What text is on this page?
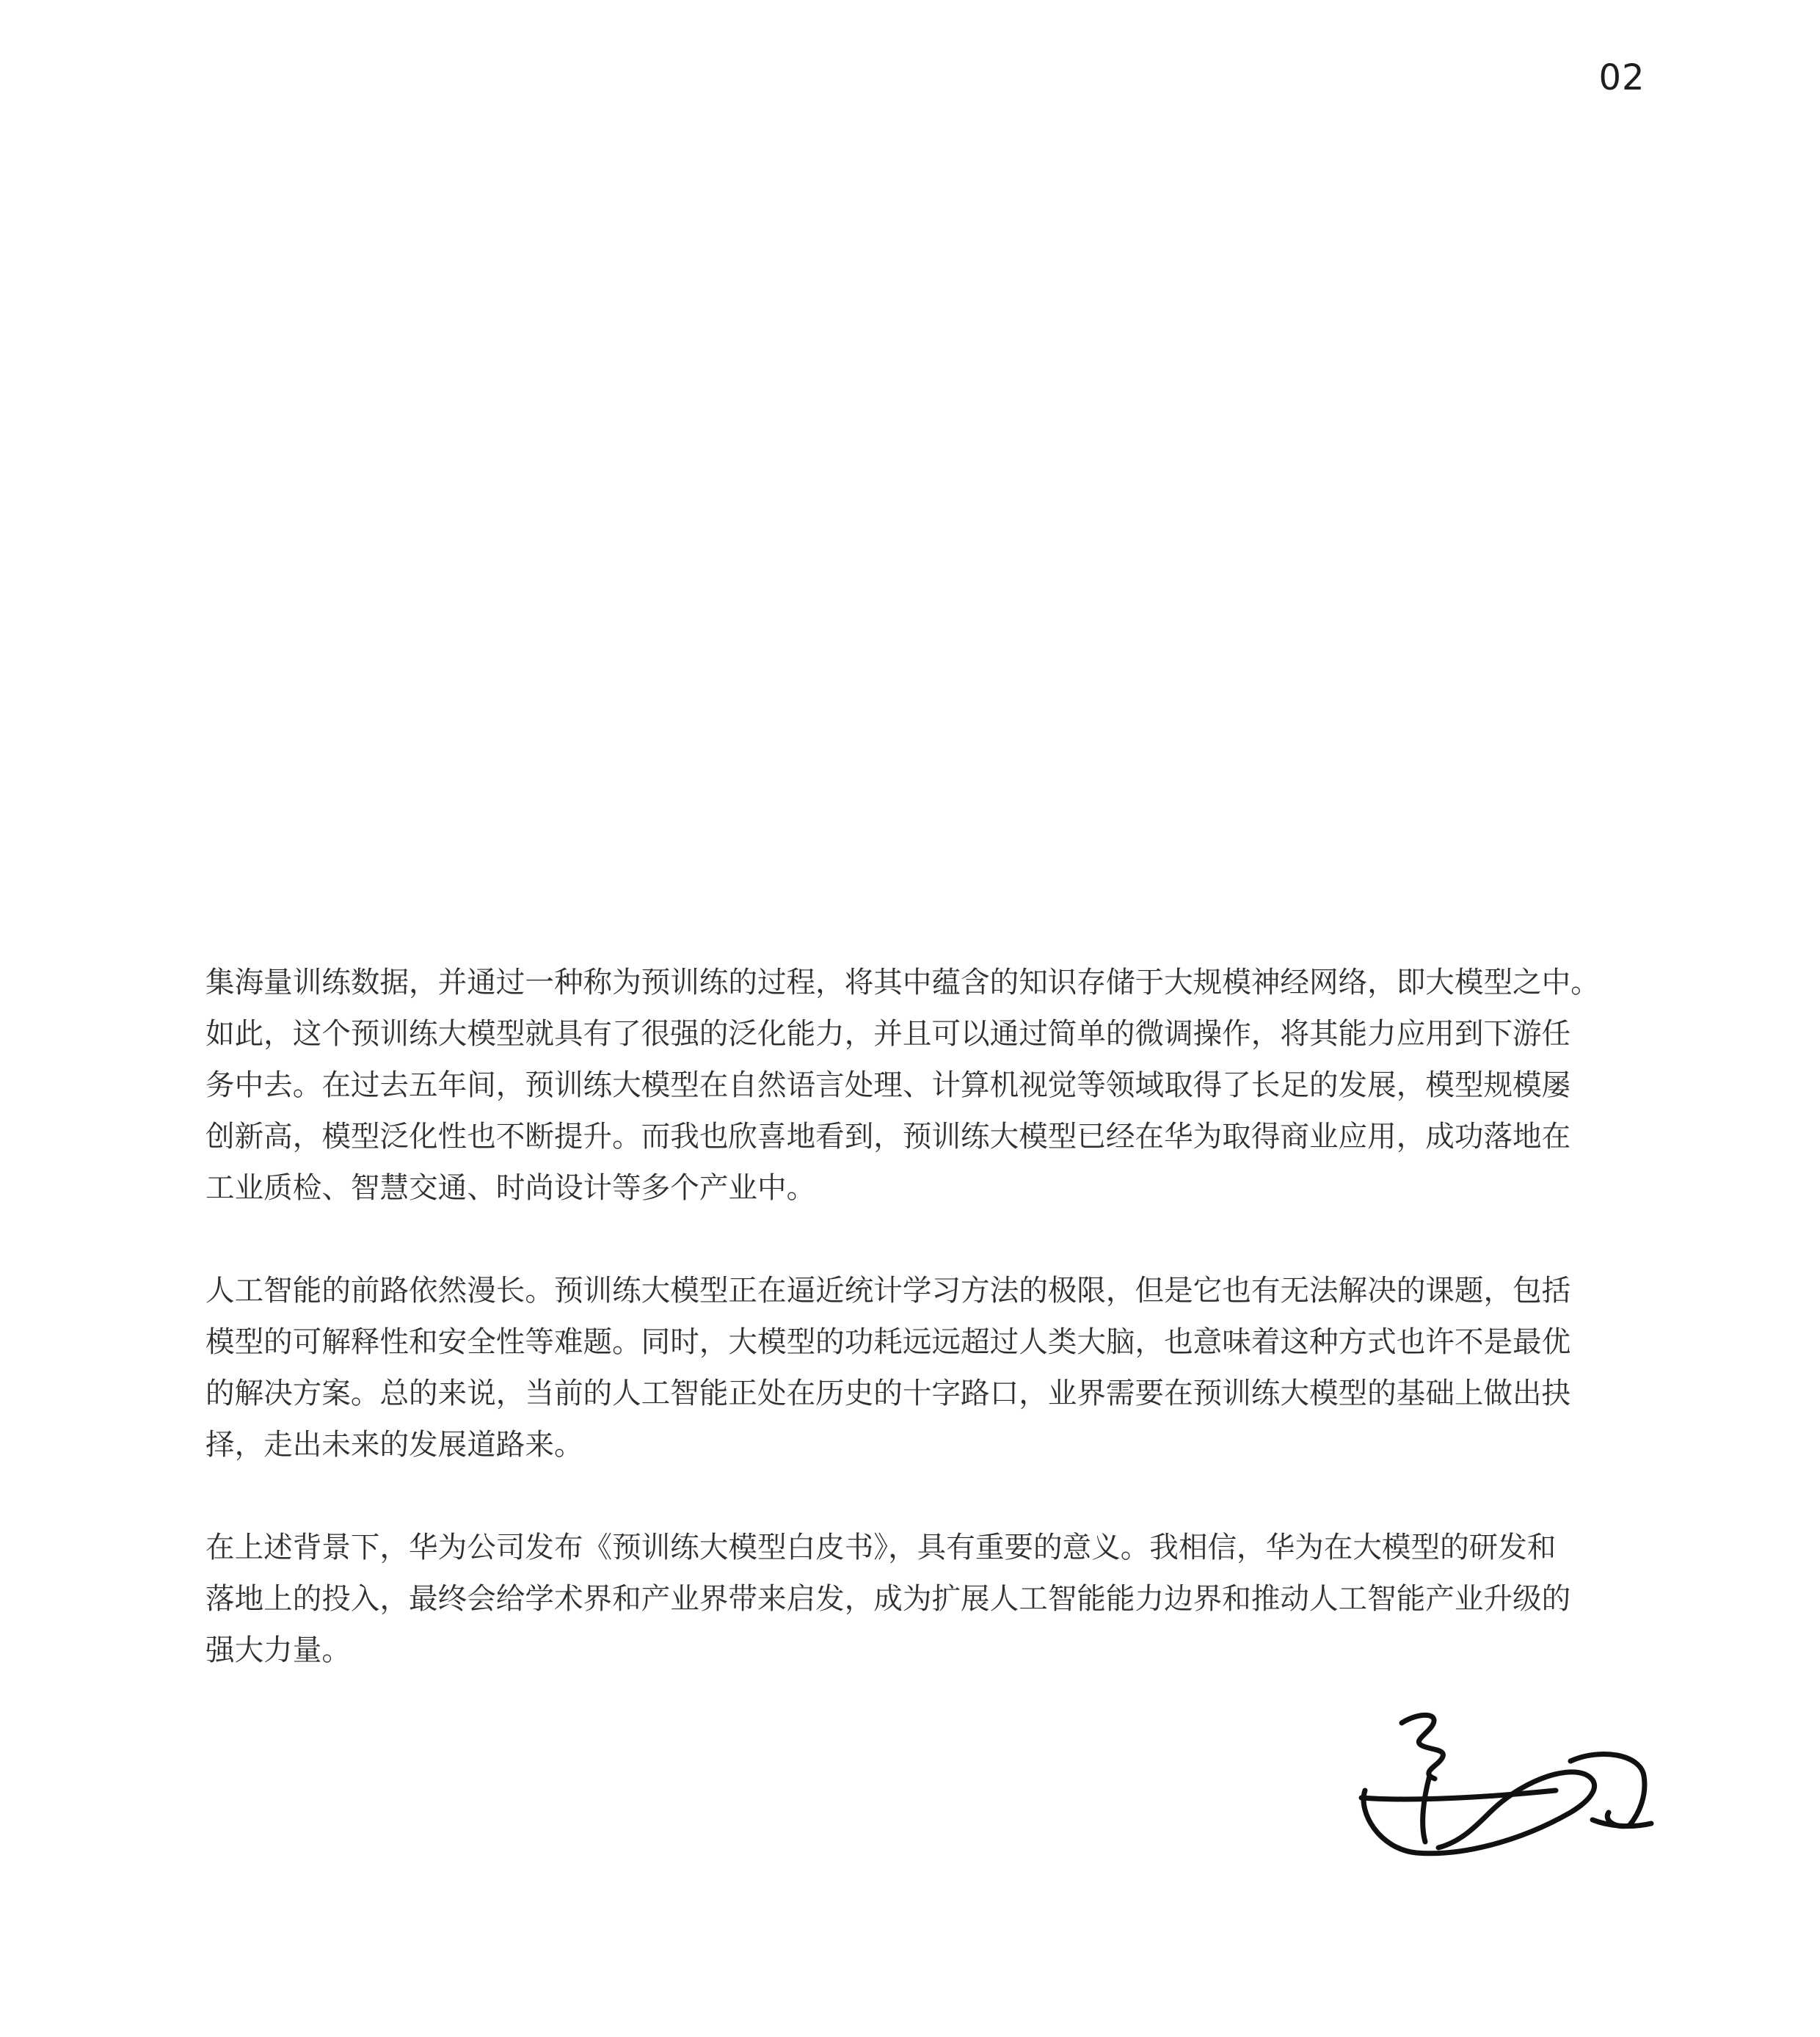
02

集海量训练数据，并通过一种称为预训练的过程，将其中蕴含的知识存储于大规模神经网络，即大模型之中。
如此，这个预训练大模型就具有了很强的泛化能力，并且可以通过简单的微调操作，将其能力应用到下游任
务中去。在过去五年间，预训练大模型在自然语言处理、计算机视觉等领域取得了长足的发展，模型规模屡
创新高，模型泛化性也不断提升。而我也欣喜地看到，预训练大模型已经在华为取得商业应用，成功落地在
工业质检、智慧交通、时尚设计等多个产业中。

人工智能的前路依然漫长。预训练大模型正在逼近统计学习方法的极限，但是它也有无法解决的课题，包括
模型的可解释性和安全性等难题。同时，大模型的功耗远远超过人类大脑，也意味着这种方式也许不是最优
的解决方案。总的来说，当前的人工智能正处在历史的十字路口，业界需要在预训练大模型的基础上做出抉
择，走出未来的发展道路来。

在上述背景下，华为公司发布《预训练大模型白皮书》，具有重要的意义。我相信，华为在大模型的研发和
落地上的投入，最终会给学术界和产业界带来启发，成为扩展人工智能能力边界和推动人工智能产业升级的
强大力量。
